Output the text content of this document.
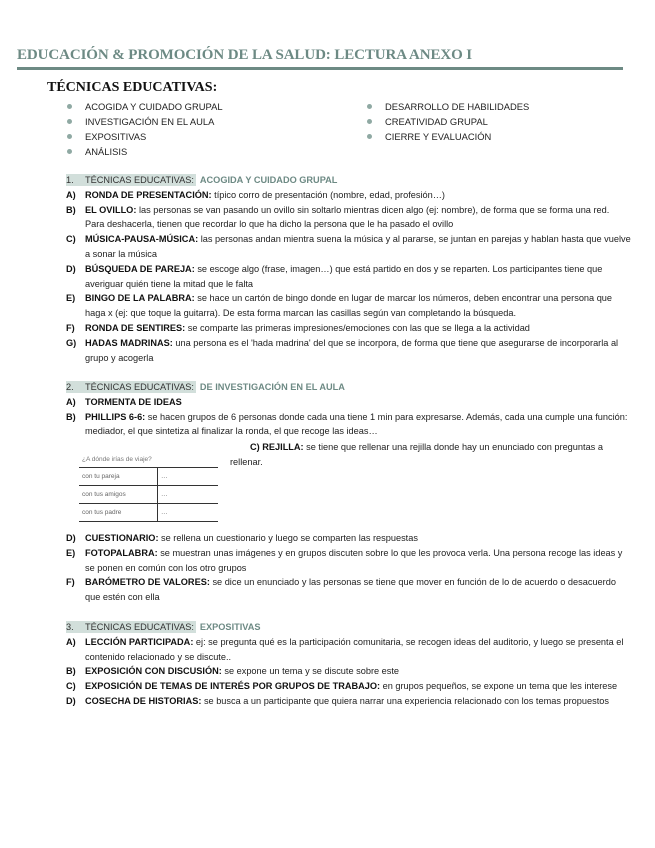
EDUCACIÓN & PROMOCIÓN DE LA SALUD: LECTURA ANEXO I
TÉCNICAS EDUCATIVAS:
ACOGIDA Y CUIDADO GRUPAL
INVESTIGACIÓN EN EL AULA
EXPOSITIVAS
ANÁLISIS
DESARROLLO DE HABILIDADES
CREATIVIDAD GRUPAL
CIERRE Y EVALUACIÓN
1. TÉCNICAS EDUCATIVAS: ACOGIDA Y CUIDADO GRUPAL
A) RONDA DE PRESENTACIÓN: típico corro de presentación (nombre, edad, profesión…)
B) EL OVILLO: las personas se van pasando un ovillo sin soltarlo mientras dicen algo (ej: nombre), de forma que se forma una red. Para deshacerla, tienen que recordar lo que ha dicho la persona que le ha pasado el ovillo
C) MÚSICA-PAUSA-MÚSICA: las personas andan mientra suena la música y al pararse, se juntan en parejas y hablan hasta que vuelve a sonar la música
D) BÚSQUEDA DE PAREJA: se escoge algo (frase, imagen…) que está partido en dos y se reparten. Los participantes tiene que averiguar quién tiene la mitad que le falta
E) BINGO DE LA PALABRA: se hace un cartón de bingo donde en lugar de marcar los números, deben encontrar una persona que haga x (ej: que toque la guitarra). De esta forma marcan las casillas según van completando la búsqueda.
F) RONDA DE SENTIRES: se comparte las primeras impresiones/emociones con las que se llega a la actividad
G) HADAS MADRINAS: una persona es el 'hada madrina' del que se incorpora, de forma que tiene que asegurarse de incorporarla al grupo y acogerla
2. TÉCNICAS EDUCATIVAS: DE INVESTIGACIÓN EN EL AULA
A) TORMENTA DE IDEAS
B) PHILLIPS 6-6: se hacen grupos de 6 personas donde cada una tiene 1 min para expresarse. Además, cada una cumple una función: mediador, el que sintetiza al finalizar la ronda, el que recoge las ideas…
C) REJILLA: se tiene que rellenar una rejilla donde hay un enunciado con preguntas a rellenar.
¿A dónde irías de viaje?	
con tu pareja	…
con tus amigos	…
con tus padre	…
D) CUESTIONARIO: se rellena un cuestionario y luego se comparten las respuestas
E) FOTOPALABRA: se muestran unas imágenes y en grupos discuten sobre lo que les provoca verla. Una persona recoge las ideas y se ponen en común con los otro grupos
F) BARÓMETRO DE VALORES: se dice un enunciado y las personas se tiene que mover en función de lo de acuerdo o desacuerdo que estén con ella
3. TÉCNICAS EDUCATIVAS: EXPOSITIVAS
A) LECCIÓN PARTICIPADA: ej: se pregunta qué es la participación comunitaria, se recogen ideas del auditorio, y luego se presenta el contenido relacionado y se discute..
B) EXPOSICIÓN CON DISCUSIÓN: se expone un tema y se discute sobre este
C) EXPOSICIÓN DE TEMAS DE INTERÉS POR GRUPOS DE TRABAJO: en grupos pequeños, se expone un tema que les interese
D) COSECHA DE HISTORIAS: se busca a un participante que quiera narrar una experiencia relacionado con los temas propuestos
